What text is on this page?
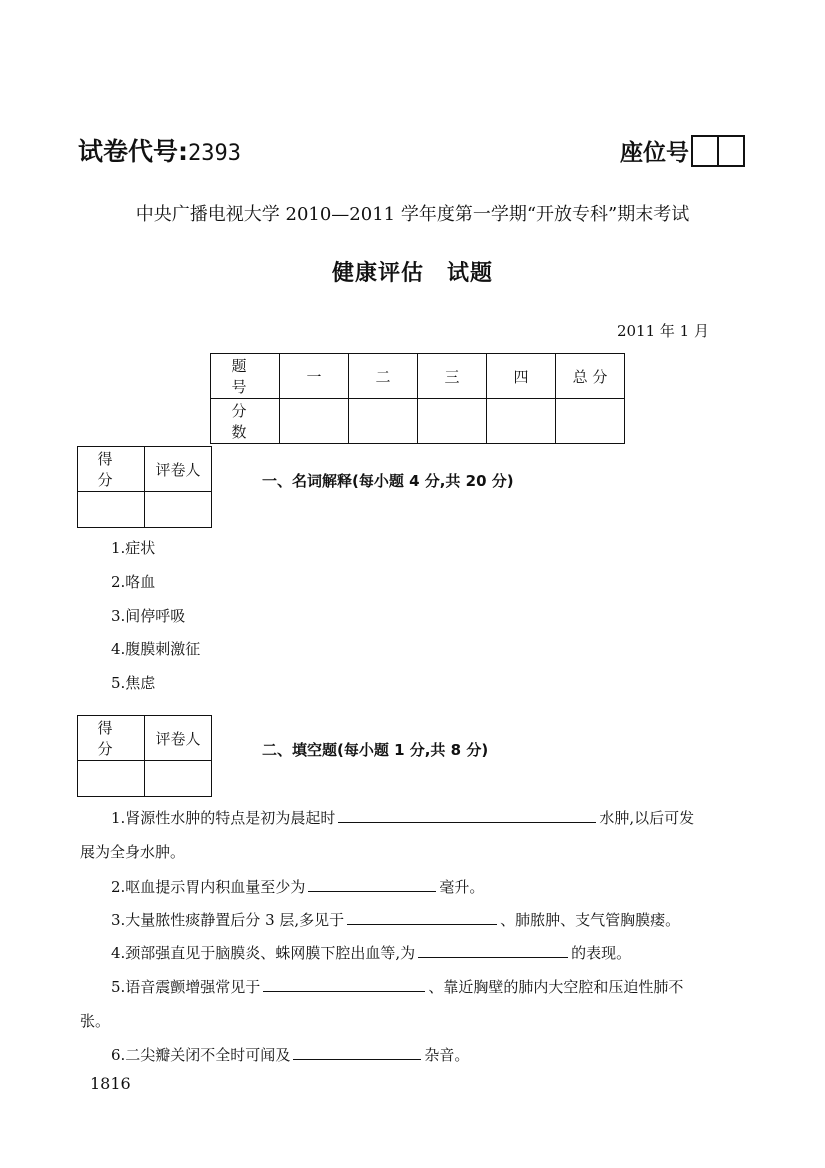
试卷代号:2393	座位号
中央广播电视大学 2010—2011 学年度第一学期“开放专科”期末考试
健康评估　试题
2011 年 1 月
题 号	一	二	三	四	总 分
分 数					
得 分	评卷人

一、名词解释(每小题 4 分,共 20 分)
1.症状
2.咯血
3.间停呼吸
4.腹膜刺激征
5.焦虑
得 分	评卷人

二、填空题(每小题 1 分,共 8 分)
1.肾源性水肿的特点是初为晨起时	水肿,以后可发
展为全身水肿。
2.呕血提示胃内积血量至少为	毫升。
3.大量脓性痰静置后分 3 层,多见于	、肺脓肿、支气管胸膜瘘。
4.颈部强直见于脑膜炎、蛛网膜下腔出血等,为	的表现。
5.语音震颤增强常见于	、靠近胸壁的肺内大空腔和压迫性肺不
张。
6.二尖瓣关闭不全时可闻及	杂音。
1816
